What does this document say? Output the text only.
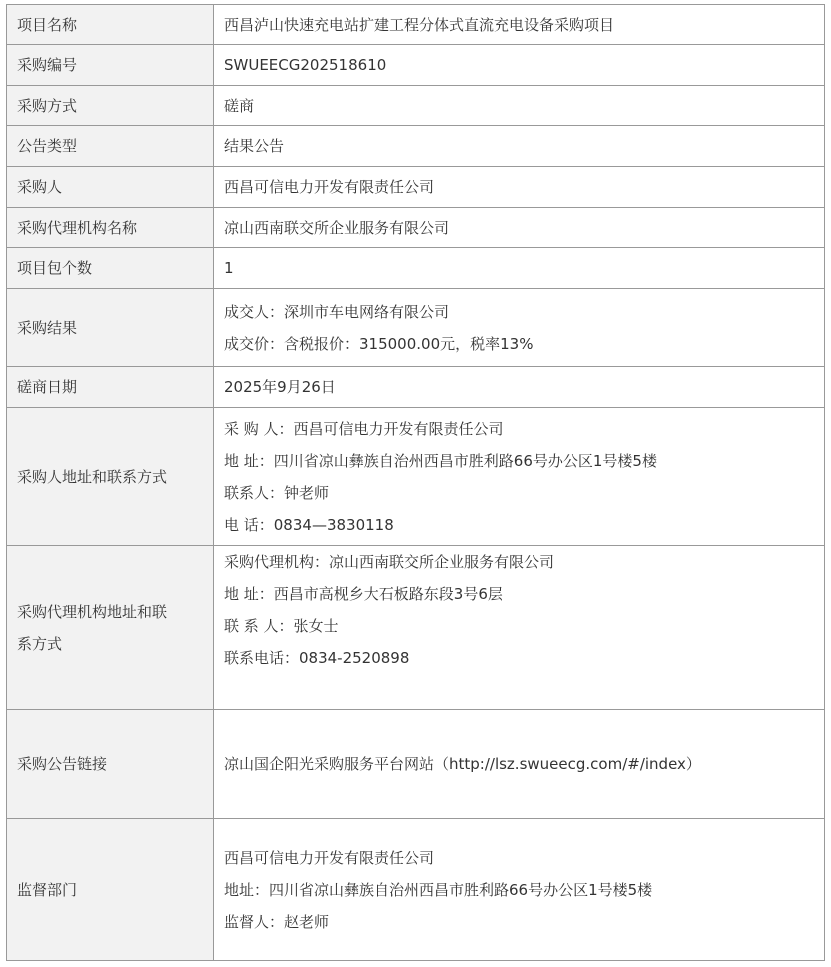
项目名称	西昌泸山快速充电站扩建工程分体式直流充电设备采购项目
采购编号	SWUEECG202518610
采购方式	磋商
公告类型	结果公告
采购人	西昌可信电力开发有限责任公司
采购代理机构名称	凉山西南联交所企业服务有限公司
项目包个数	1
采购结果	成交人：深圳市车电网络有限公司
成交价：含税报价：315000.00元，税率13%

磋商日期	2025年9月26日
采购人地址和联系方式	采 购 人：西昌可信电力开发有限责任公司
地 址：四川省凉山彝族自治州西昌市胜利路66号办公区1号楼5楼
联系人：钟老师
电 话：0834—3830118

采购代理机构地址和联
系方式	采购代理机构：凉山西南联交所企业服务有限公司
地 址：西昌市高枧乡大石板路东段3号6层
联 系 人：张女士
联系电话：0834-2520898

采购公告链接	凉山国企阳光采购服务平台网站（http://lsz.swueecg.com/#/index）
监督部门	西昌可信电力开发有限责任公司
地址：四川省凉山彝族自治州西昌市胜利路66号办公区1号楼5楼
监督人：赵老师
